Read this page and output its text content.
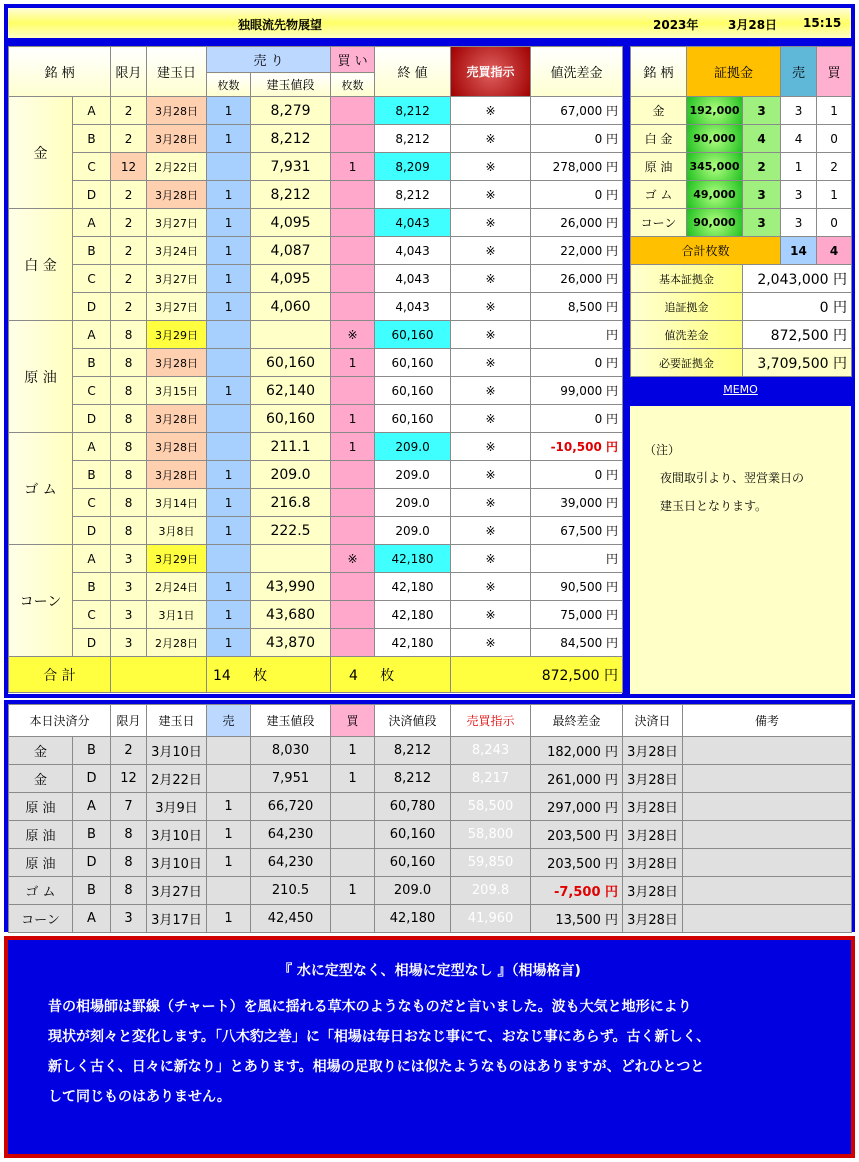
独眼流先物展望	2023年 3月28日 15:15
銘 柄		限月	建玉日	売 り		買 い	終 値	売買指示	値洗差金
				枚数	建玉値段	枚数			
金	A	2	3月28日	1	8,279		8,212	※	67,000 円
	B	2	3月28日	1	8,212		8,212	※	0 円
	C	12	2月22日		7,931	1	8,209	※	278,000 円
	D	2	3月28日	1	8,212		8,212	※	0 円
白 金	A	2	3月27日	1	4,095		4,043	※	26,000 円
	B	2	3月24日	1	4,087		4,043	※	22,000 円
	C	2	3月27日	1	4,095		4,043	※	26,000 円
	D	2	3月27日	1	4,060		4,043	※	8,500 円
原 油	A	8	3月29日			※	60,160	※	円
	B	8	3月28日		60,160	1	60,160	※	0 円
	C	8	3月15日	1	62,140		60,160	※	99,000 円
	D	8	3月28日		60,160	1	60,160	※	0 円
ゴ ム	A	8	3月28日		211.1	1	209.0	※	-10,500 円
	B	8	3月28日	1	209.0		209.0	※	0 円
	C	8	3月14日	1	216.8		209.0	※	39,000 円
	D	8	3月8日	1	222.5		209.0	※	67,500 円
コーン	A	3	3月29日			※	42,180	※	円
	B	3	2月24日	1	43,990		42,180	※	90,500 円
	C	3	3月1日	1	43,680		42,180	※	75,000 円
	D	3	2月28日	1	43,870		42,180	※	84,500 円
合 計				14 枚		4 枚		872,500 円	
銘 柄	証拠金		売	買
金	192,000	3	3	1
白 金	90,000	4	4	0
原 油	345,000	2	1	2
ゴ ム	49,000	3	3	1
コーン	90,000	3	3	0
合計枚数			14	4
基本証拠金		2,043,000 円		
追証拠金		0 円		
値洗差金		872,500 円		
必要証拠金		3,709,500 円		
MEMO

（注）

夜間取引より、翌営業日の

建玉日となります。

本日決済分		限月	建玉日	売	建玉値段	買	決済値段	売買指示	最終差金	決済日	備考
金	B	2	3月10日		8,030	1	8,212	8,243	182,000 円	3月28日	
金	D	12	2月22日		7,951	1	8,212	8,217	261,000 円	3月28日	
原 油	A	7	3月9日	1	66,720		60,780	58,500	297,000 円	3月28日	
原 油	B	8	3月10日	1	64,230		60,160	58,800	203,500 円	3月28日	
原 油	D	8	3月10日	1	64,230		60,160	59,850	203,500 円	3月28日	
ゴ ム	B	8	3月27日		210.5	1	209.0	209.8	-7,500 円	3月28日	
コーン	A	3	3月17日	1	42,450		42,180	41,960	13,500 円	3月28日	
『 水に定型なく、相場に定型なし 』（相場格言)
昔の相場師は罫線（チャート）を風に揺れる草木のようなものだと言いました。波も大気と地形により
現状が刻々と変化します。「八木豹之巻」に「相場は毎日おなじ事にて、おなじ事にあらず。古く新しく、
新しく古く、日々に新なり」とあります。相場の足取りには似たようなものはありますが、どれひとつと
して同じものはありません。
